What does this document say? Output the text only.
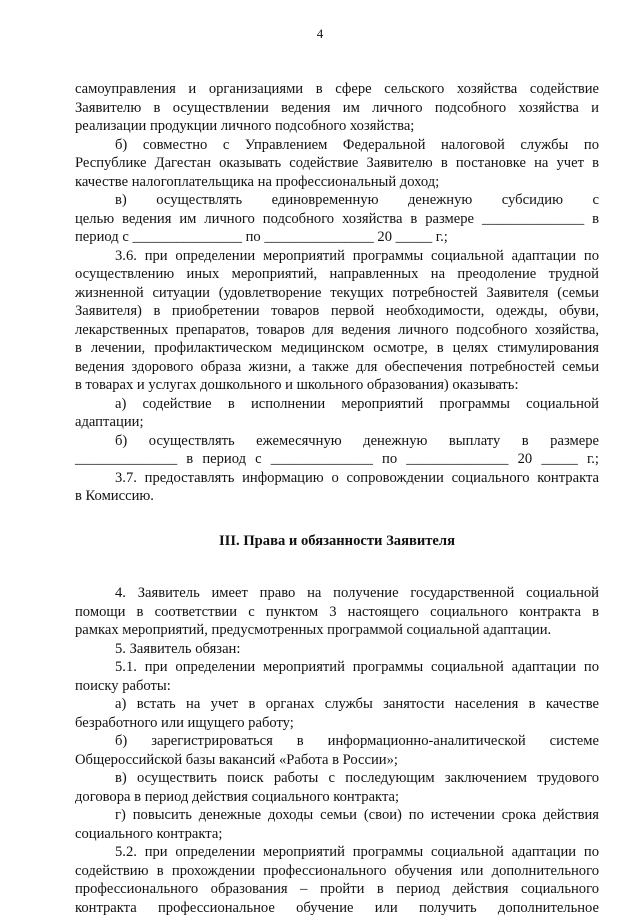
4
самоуправления и организациями в сфере сельского хозяйства содействие
Заявителю в осуществлении ведения им личного подсобного хозяйства и
реализации продукции личного подсобного хозяйства;
б) совместно с Управлением Федеральной налоговой службы по
Республике Дагестан оказывать содействие Заявителю в постановке на учет в
качестве налогоплательщика на профессиональный доход;
в) осуществлять единовременную денежную субсидию с
целью ведения им личного подсобного хозяйства в размере ______________ в
период с _______________ по _______________ 20 _____ г.;
3.6. при определении мероприятий программы социальной адаптации по
осуществлению иных мероприятий, направленных на преодоление трудной
жизненной ситуации (удовлетворение текущих потребностей Заявителя (семьи
Заявителя) в приобретении товаров первой необходимости, одежды, обуви,
лекарственных препаратов, товаров для ведения личного подсобного хозяйства,
в лечении, профилактическом медицинском осмотре, в целях стимулирования
ведения здорового образа жизни, а также для обеспечения потребностей семьи
в товарах и услугах дошкольного и школьного образования) оказывать:
а) содействие в исполнении мероприятий программы социальной
адаптации;
б) осуществлять ежемесячную денежную выплату в размере
______________ в период с ______________ по ______________ 20 _____ г.;
3.7. предоставлять информацию о сопровождении социального контракта
в Комиссию.
III. Права и обязанности Заявителя
4. Заявитель имеет право на получение государственной социальной
помощи в соответствии с пунктом 3 настоящего социального контракта в
рамках мероприятий, предусмотренных программой социальной адаптации.
5. Заявитель обязан:
5.1. при определении мероприятий программы социальной адаптации по
поиску работы:
а) встать на учет в органах службы занятости населения в качестве
безработного или ищущего работу;
б) зарегистрироваться в информационно-аналитической системе
Общероссийской базы вакансий «Работа в России»;
в) осуществить поиск работы с последующим заключением трудового
договора в период действия социального контракта;
г) повысить денежные доходы семьи (свои) по истечении срока действия
социального контракта;
5.2. при определении мероприятий программы социальной адаптации по
содействию в прохождении профессионального обучения или дополнительного
профессионального образования – пройти в период действия социального
контракта профессиональное обучение или получить дополнительное
